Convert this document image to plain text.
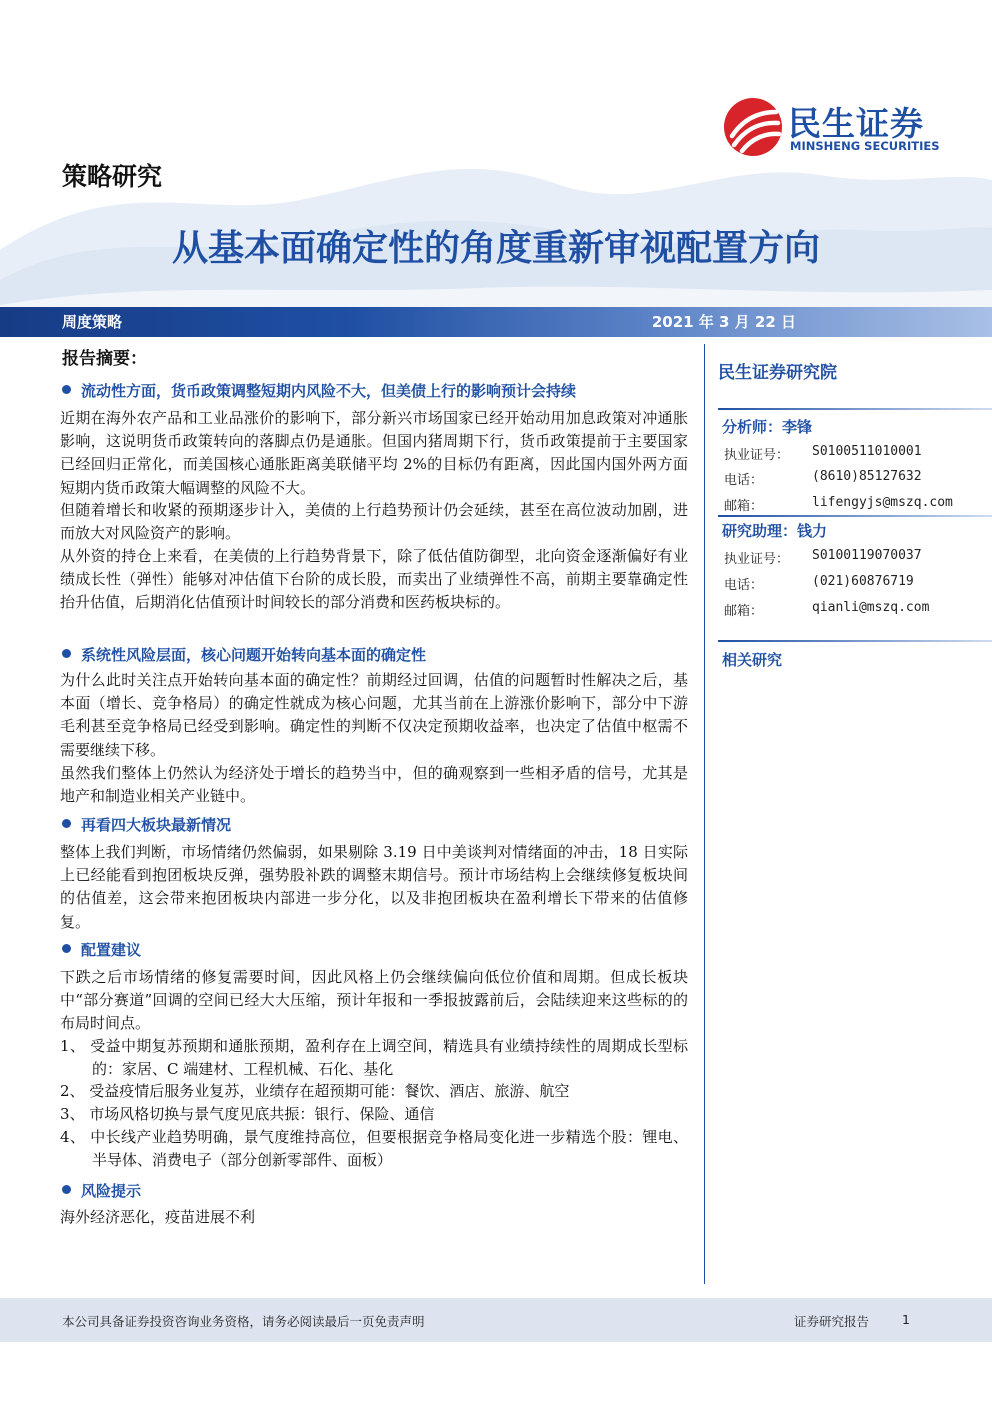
民生证券
MINSHENG SECURITIES
策略研究
从基本面确定性的角度重新审视配置方向
周度策略	2021 年 3 月 22 日
报告摘要：
流动性方面，货币政策调整短期内风险不大，但美债上行的影响预计会持续
近期在海外农产品和工业品涨价的影响下，部分新兴市场国家已经开始动用加息政策对冲通胀影响，这说明货币政策转向的落脚点仍是通胀。但国内猪周期下行，货币政策提前于主要国家已经回归正常化，而美国核心通胀距离美联储平均 2%的目标仍有距离，因此国内国外两方面短期内货币政策大幅调整的风险不大。
但随着增长和收紧的预期逐步计入，美债的上行趋势预计仍会延续，甚至在高位波动加剧，进而放大对风险资产的影响。
从外资的持仓上来看，在美债的上行趋势背景下，除了低估值防御型，北向资金逐渐偏好有业绩成长性（弹性）能够对冲估值下台阶的成长股，而卖出了业绩弹性不高，前期主要靠确定性抬升估值，后期消化估值预计时间较长的部分消费和医药板块标的。
系统性风险层面，核心问题开始转向基本面的确定性
为什么此时关注点开始转向基本面的确定性？前期经过回调，估值的问题暂时性解决之后，基本面（增长、竞争格局）的确定性就成为核心问题，尤其当前在上游涨价影响下，部分中下游毛利甚至竞争格局已经受到影响。确定性的判断不仅决定预期收益率，也决定了估值中枢需不需要继续下移。
虽然我们整体上仍然认为经济处于增长的趋势当中，但的确观察到一些相矛盾的信号，尤其是地产和制造业相关产业链中。
再看四大板块最新情况
整体上我们判断，市场情绪仍然偏弱，如果剔除 3.19 日中美谈判对情绪面的冲击，18 日实际上已经能看到抱团板块反弹，强势股补跌的调整末期信号。预计市场结构上会继续修复板块间的估值差，这会带来抱团板块内部进一步分化，以及非抱团板块在盈利增长下带来的估值修复。
配置建议
下跌之后市场情绪的修复需要时间，因此风格上仍会继续偏向低位价值和周期。但成长板块中“部分赛道”回调的空间已经大大压缩，预计年报和一季报披露前后，会陆续迎来这些标的的布局时间点。
1、 受益中期复苏预期和通胀预期，盈利存在上调空间，精选具有业绩持续性的周期成长型标的：家居、C 端建材、工程机械、石化、基化
2、 受益疫情后服务业复苏，业绩存在超预期可能：餐饮、酒店、旅游、航空
3、 市场风格切换与景气度见底共振：银行、保险、通信
4、 中长线产业趋势明确，景气度维持高位，但要根据竞争格局变化进一步精选个股：锂电、半导体、消费电子（部分创新零部件、面板）
风险提示
海外经济恶化，疫苗进展不利
民生证券研究院
分析师：李锋
执业证号： S0100511010001
电话：	(8610)85127632
邮箱：	lifengyjs@mszq.com
研究助理：钱力
执业证号： S0100119070037
电话：	(021)60876719
邮箱：	qianli@mszq.com
相关研究
本公司具备证券投资咨询业务资格，请务必阅读最后一页免责声明	证券研究报告	1
